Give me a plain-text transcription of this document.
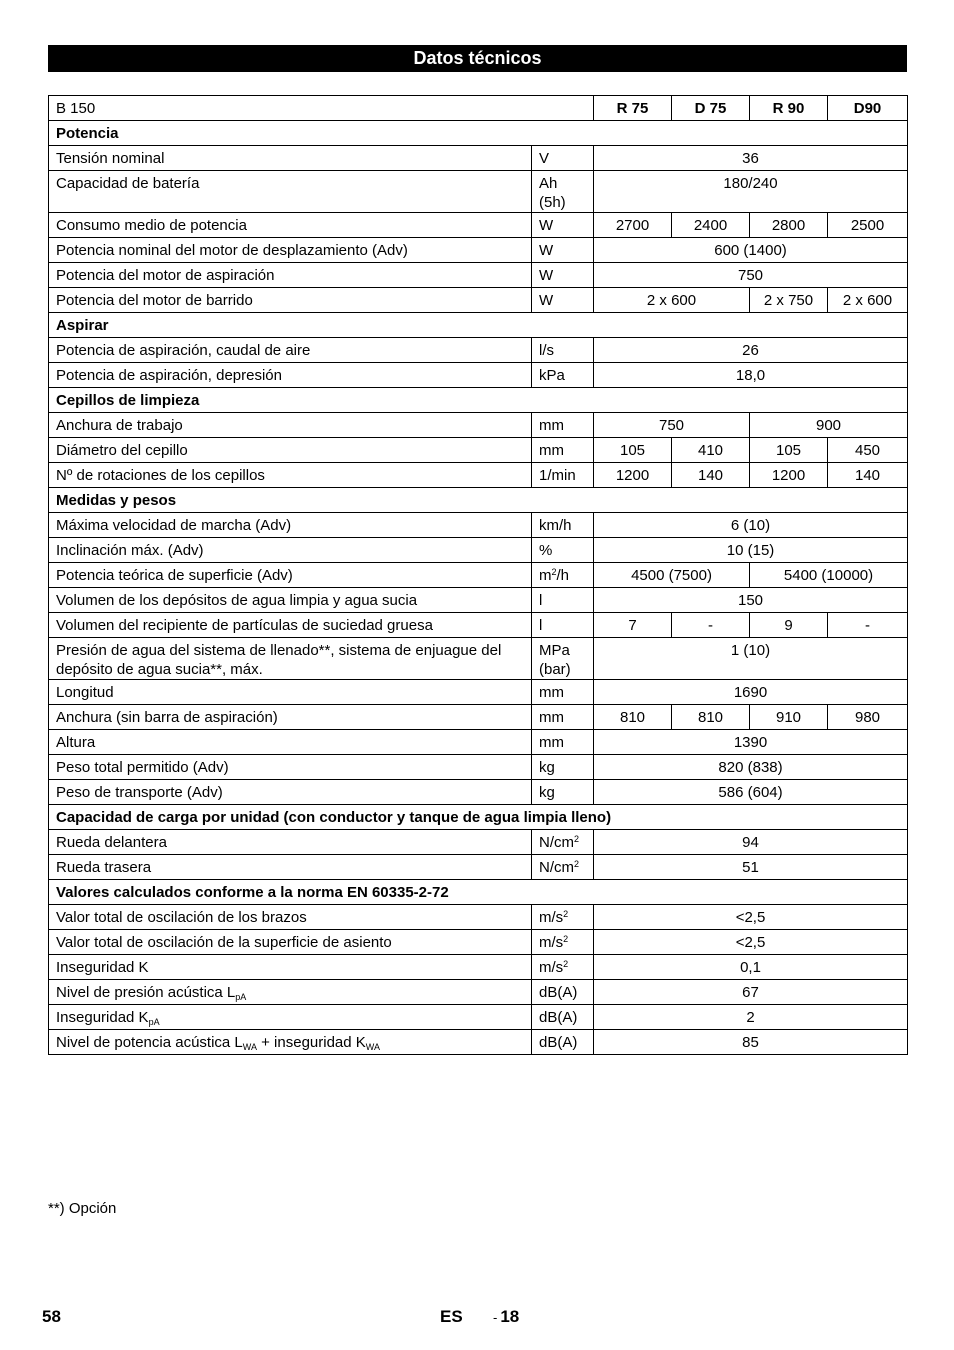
Datos técnicos
B 150		R 75	D 75	R 90	D90
Potencia					
Tensión nominal	V	36			
Capacidad de batería	Ah (5h)	180/240			
Consumo medio de potencia	W	2700	2400	2800	2500
Potencia nominal del motor de desplazamiento (Adv)	W	600 (1400)			
Potencia del motor de aspiración	W	750			
Potencia del motor de barrido	W	2 x 600		2 x 750	2 x 600
Aspirar					
Potencia de aspiración, caudal de aire	l/s	26			
Potencia de aspiración, depresión	kPa	18,0			
Cepillos de limpieza					
Anchura de trabajo	mm	750		900	
Diámetro del cepillo	mm	105	410	105	450
Nº de rotaciones de los cepillos	1/min	1200	140	1200	140
Medidas y pesos					
Máxima velocidad de marcha (Adv)	km/h	6 (10)			
Inclinación máx. (Adv)	%	10 (15)			
Potencia teórica de superficie (Adv)	$m^2/h$	4500 (7500)		5400 (10000)	
Volumen de los depósitos de agua limpia y agua sucia	l	150			
Volumen del recipiente de partículas de suciedad gruesa	l	7	-	9	-
Presión de agua del sistema de llenado**, sistema de enjuague del depósito de agua sucia**, máx.	MPa (bar)	1 (10)			
Longitud	mm	1690			
Anchura (sin barra de aspiración)	mm	810	810	910	980
Altura	mm	1390			
Peso total permitido (Adv)	kg	820 (838)			
Peso de transporte (Adv)	kg	586 (604)			
Capacidad de carga por unidad (con conductor y tanque de agua limpia lleno)					
Rueda delantera	$N/cm^2$	94			
Rueda trasera	$N/cm^2$	51			
Valores calculados conforme a la norma EN 60335-2-72					
Valor total de oscilación de los brazos	$m/s^2$	<2,5			
Valor total de oscilación de la superficie de asiento	$m/s^2$	<2,5			
Inseguridad K	$m/s^2$	0,1			
Nivel de presión acústica $L_{pA}$	dB(A)	67			
Inseguridad $K_{pA}$	dB(A)	2			
Nivel de potencia acústica $L_{WA}$ + inseguridad $K_{WA}$	dB(A)	85			
**) Opción
58	ES - 18
